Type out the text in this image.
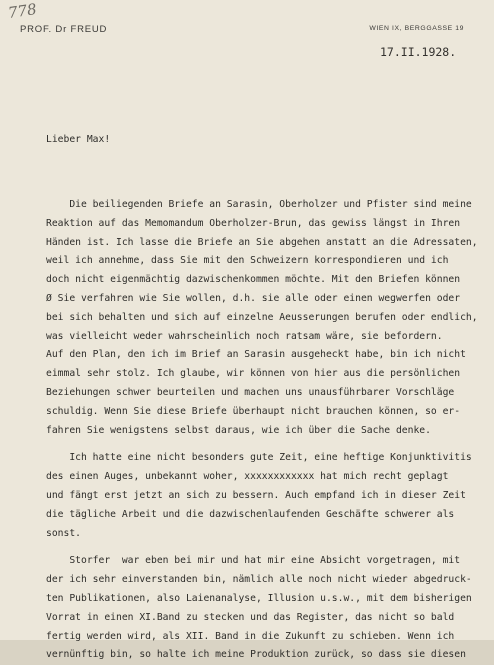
778
PROF. Dr FREUD	WIEN IX, BERGGASSE 19
17.II.1928.

Lieber Max!

Die beiliegenden Briefe an Sarasin, Oberholzer und Pfister sind meine
Reaktion auf das Memomandum Oberholzer-Brun, das gewiss längst in Ihren
Händen ist. Ich lasse die Briefe an Sie abgehen anstatt an die Adressaten,
weil ich annehme, dass Sie mit den Schweizern korrespondieren und ich
doch nicht eigenmächtig dazwischenkommen möchte. Mit den Briefen können
Ø Sie verfahren wie Sie wollen, d.h. sie alle oder einen wegwerfen oder
bei sich behalten und sich auf einzelne Aeusserungen berufen oder endlich,
was vielleicht weder wahrscheinlich noch ratsam wäre, sie befordern.
Auf den Plan, den ich im Brief an Sarasin ausgeheckt habe, bin ich nicht
eimmal sehr stolz. Ich glaube, wir können von hier aus die persönlichen
Beziehungen schwer beurteilen und machen uns unausführbarer Vorschläge
schuldig. Wenn Sie diese Briefe überhaupt nicht brauchen können, so er-
fahren Sie wenigstens selbst daraus, wie ich über die Sache denke.
Ich hatte eine nicht besonders gute Zeit, eine heftige Konjunktivitis
des einen Auges, unbekannt woher, xxxxxxxxxxxx hat mich recht geplagt
und fängt erst jetzt an sich zu bessern. Auch empfand ich in dieser Zeit
die tägliche Arbeit und die dazwischenlaufenden Geschäfte schwerer als
sonst.
Storfer  war eben bei mir und hat mir eine Absicht vorgetragen, mit
der ich sehr einverstanden bin, nämlich alle noch nicht wieder abgedruck-
ten Publikationen, also Laienanalyse, Illusion u.s.w., mit dem bisherigen
Vorrat in einen XI.Band zu stecken und das Register, das nicht so bald
fertig werden wird, als XII. Band in die Zukunft zu schieben. Wenn ich
vernünftig bin, so halte ich meine Produktion zurück, so dass sie diesen
